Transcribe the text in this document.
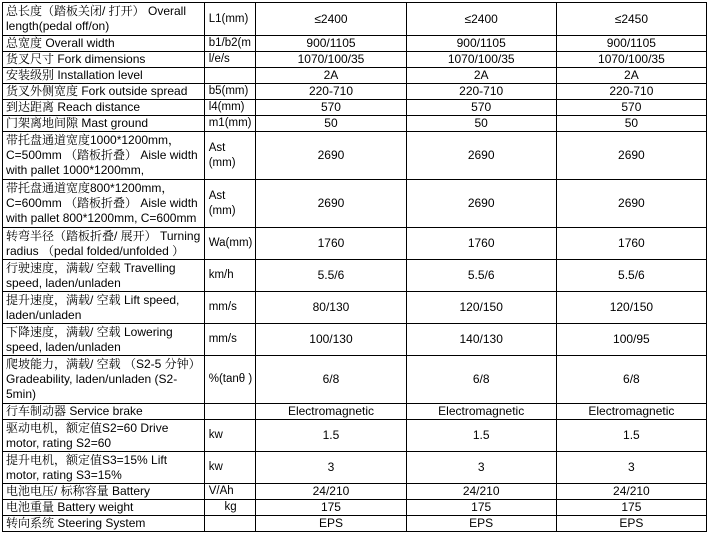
总长度（踏板关闭/ 打开） Overall length(pedal off/on)	L1(mm)	≤2400	≤2400	≤2450
总宽度 Overall width	b1/b2(m	900/1105	900/1105	900/1105
货叉尺寸 Fork dimensions	l/e/s	1070/100/35	1070/100/35	1070/100/35
安装级别 Installation level		2A	2A	2A
货叉外侧宽度 Fork outside spread	b5(mm)	220-710	220-710	220-710
到达距离 Reach distance	l4(mm)	570	570	570
门架离地间隙 Mast ground	m1(mm)	50	50	50
带托盘通道宽度1000*1200mm，C=500mm （踏板折叠） Aisle width with pallet 1000*1200mm,	Ast (mm)	2690	2690	2690
带托盘通道宽度800*1200mm，C=600mm （踏板折叠） Aisle width with pallet 800*1200mm, C=600mm	Ast (mm)	2690	2690	2690
转弯半径（踏板折叠/ 展开） Turning radius （pedal folded/unfolded ）	Wa(mm)	1760	1760	1760
行驶速度，满载/ 空载 Travelling speed, laden/unladen	km/h	5.5/6	5.5/6	5.5/6
提升速度，满载/ 空载 Lift speed, laden/unladen	mm/s	80/130	120/150	120/150
下降速度，满载/ 空载 Lowering speed, laden/unladen	mm/s	100/130	140/130	100/95
爬坡能力，满载/ 空载 （S2-5 分钟） Gradeability, laden/unladen (S2-5min)	%(tanθ )	6/8	6/8	6/8
行车制动器 Service brake		Electromagnetic	Electromagnetic	Electromagnetic
驱动电机，额定值S2=60 Drive motor, rating S2=60	kw	1.5	1.5	1.5
提升电机，额定值S3=15% Lift motor, rating S3=15%	kw	3	3	3
电池电压/ 标称容量 Battery	V/Ah	24/210	24/210	24/210
电池重量 Battery weight	kg	175	175	175
转向系统 Steering System		EPS	EPS	EPS
